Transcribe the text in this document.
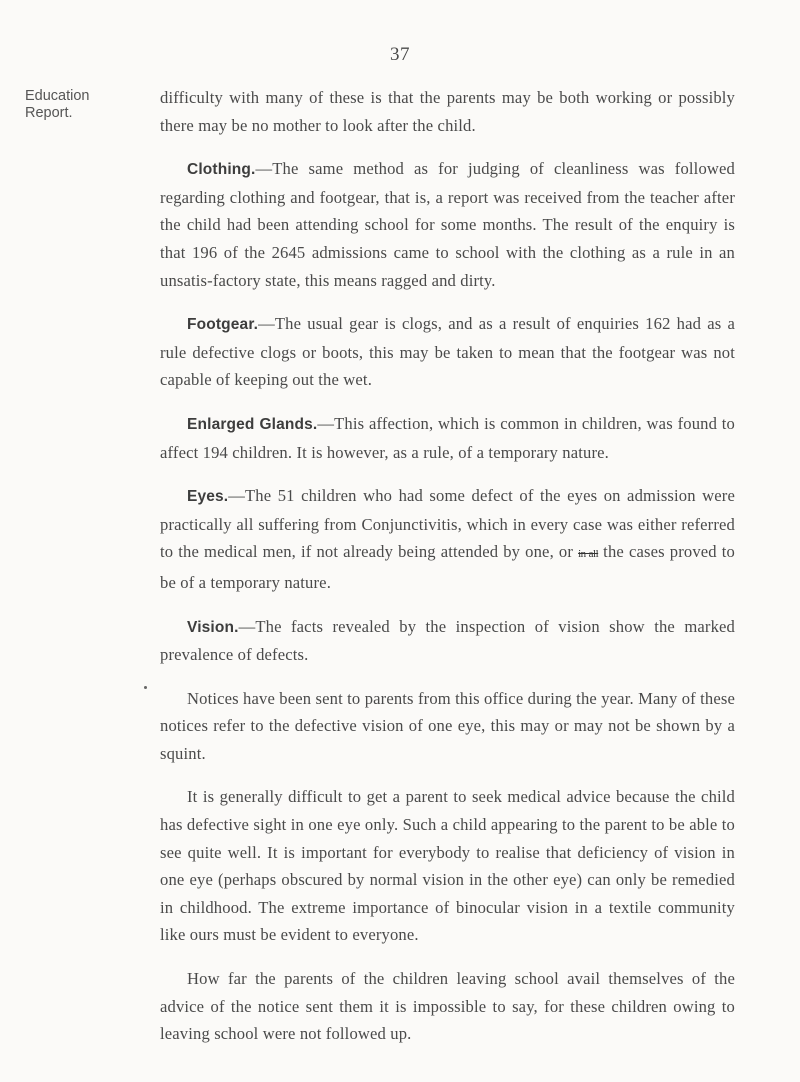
37
Education
Report.

difficulty with many of these is that the parents may be both working or possibly there may be no mother to look after the child.

Clothing.—The same method as for judging of cleanliness was followed regarding clothing and footgear, that is, a report was received from the teacher after the child had been attending school for some months. The result of the enquiry is that 196 of the 2645 admissions came to school with the clothing as a rule in an unsatis-factory state, this means ragged and dirty.

Footgear.—The usual gear is clogs, and as a result of enquiries 162 had as a rule defective clogs or boots, this may be taken to mean that the footgear was not capable of keeping out the wet.

Enlarged Glands.—This affection, which is common in children, was found to affect 194 children. It is however, as a rule, of a temporary nature.

Eyes.—The 51 children who had some defect of the eyes on admission were practically all suffering from Conjunctivitis, which in every case was either referred to the medical men, if not already being attended by one, or in all the cases proved to be of a temporary nature.

Vision.—The facts revealed by the inspection of vision show the marked prevalence of defects.

Notices have been sent to parents from this office during the year. Many of these notices refer to the defective vision of one eye, this may or may not be shown by a squint.

It is generally difficult to get a parent to seek medical advice because the child has defective sight in one eye only. Such a child appearing to the parent to be able to see quite well. It is important for everybody to realise that deficiency of vision in one eye (perhaps obscured by normal vision in the other eye) can only be remedied in childhood. The extreme importance of binocular vision in a textile community like ours must be evident to everyone.

How far the parents of the children leaving school avail themselves of the advice of the notice sent them it is impossible to say, for these children owing to leaving school were not followed up.
